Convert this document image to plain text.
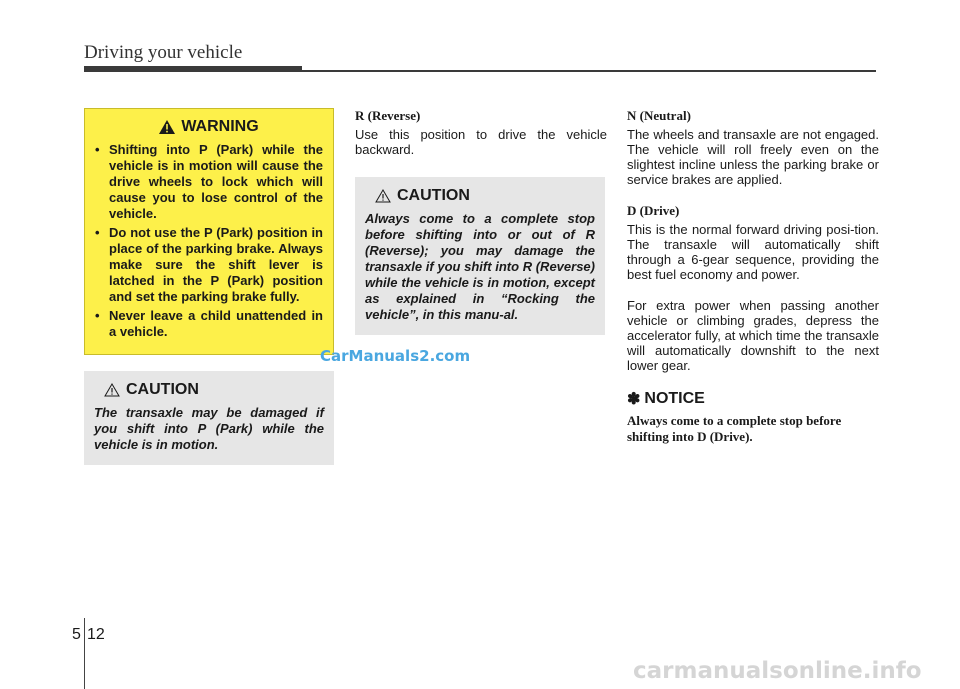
Driving your vehicle
WARNING
• Shifting into P (Park) while the vehicle is in motion will cause the drive wheels to lock which will cause you to lose control of the vehicle.
• Do not use the P (Park) position in place of the parking brake. Always make sure the shift lever is latched in the P (Park) position and set the parking brake fully.
• Never leave a child unattended in a vehicle.
CAUTION
The transaxle may be damaged if you shift into P (Park) while the vehicle is in motion.
CarManuals2.com
R (Reverse)
Use this position to drive the vehicle backward.
CAUTION
Always come to a complete stop before shifting into or out of R (Reverse); you may damage the transaxle if you shift into R (Reverse) while the vehicle is in motion, except as explained in “Rocking the vehicle”, in this manu-al.
N (Neutral)
The wheels and transaxle are not engaged. The vehicle will roll freely even on the slightest incline unless the parking brake or service brakes are applied.
D (Drive)
This is the normal forward driving posi-tion. The transaxle will automatically shift through a 6-gear sequence, providing the best fuel economy and power.
For extra power when passing another vehicle or climbing grades, depress the accelerator fully, at which time the transaxle will automatically downshift to the next lower gear.
✽ NOTICE

Always come to a complete stop before shifting into D (Drive).

5 12
carmanualsonline.info
